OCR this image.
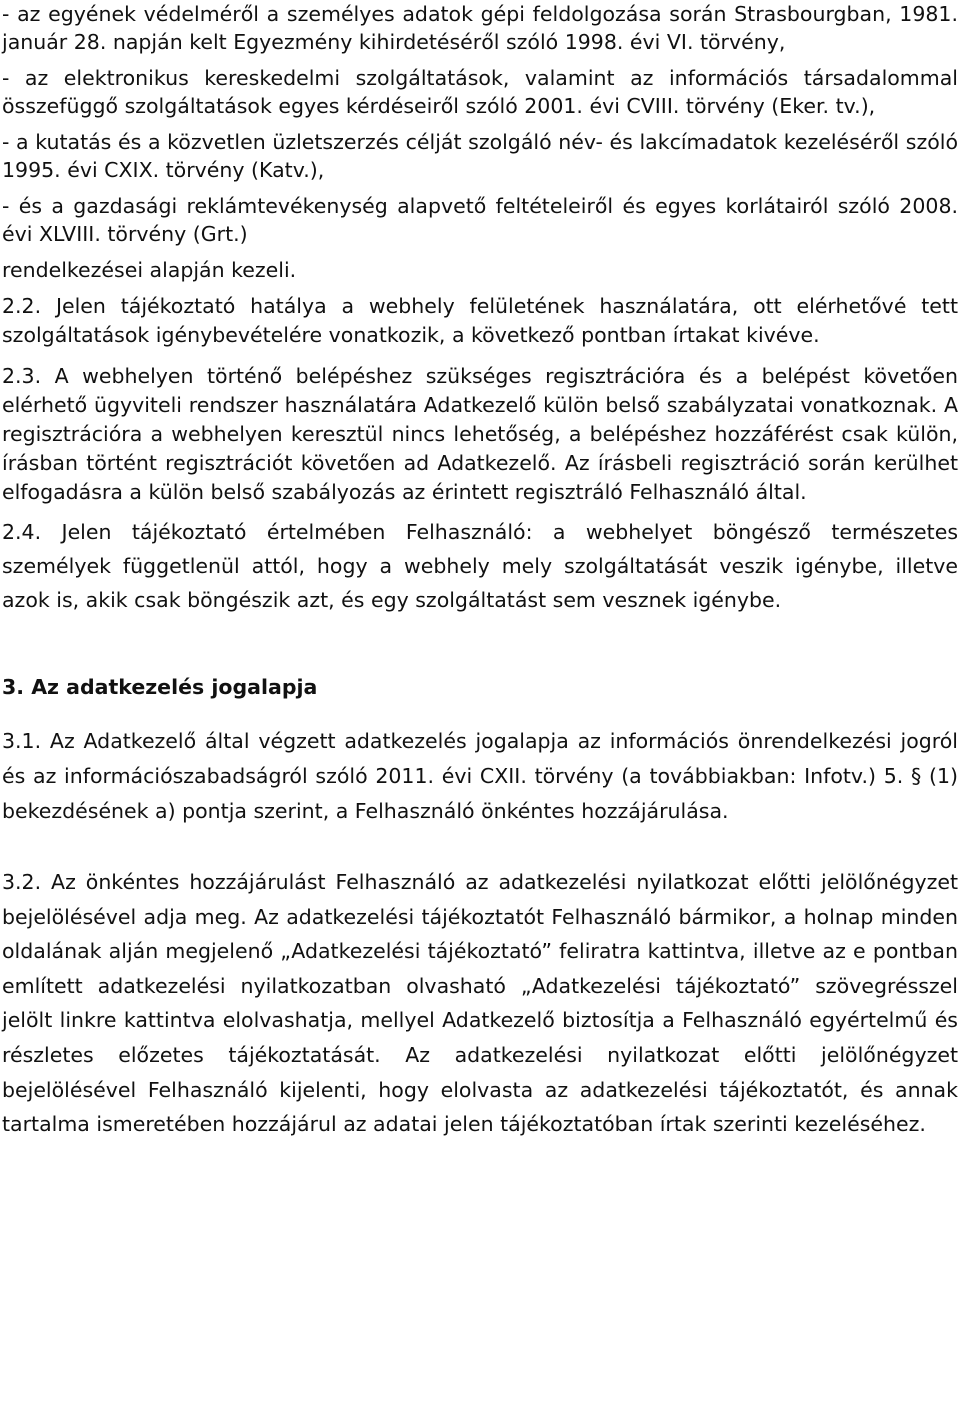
- az egyének védelméről a személyes adatok gépi feldolgozása során Strasbourgban, 1981. január 28. napján kelt Egyezmény kihirdetéséről szóló 1998. évi VI. törvény,

- az elektronikus kereskedelmi szolgáltatások, valamint az információs társadalommal összefüggő szolgáltatások egyes kérdéseiről szóló 2001. évi CVIII. törvény (Eker. tv.),

- a kutatás és a közvetlen üzletszerzés célját szolgáló név- és lakcímadatok kezeléséről szóló 1995. évi CXIX. törvény (Katv.),

- és a gazdasági reklámtevékenység alapvető feltételeiről és egyes korlátairól szóló 2008. évi XLVIII. törvény (Grt.)

rendelkezései alapján kezeli.

2.2. Jelen tájékoztató hatálya a webhely felületének használatára, ott elérhetővé tett szolgáltatások igénybevételére vonatkozik, a következő pontban írtakat kivéve.

2.3. A webhelyen történő belépéshez szükséges regisztrációra és a belépést követően elérhető ügyviteli rendszer használatára Adatkezelő külön belső szabályzatai vonatkoznak. A regisztrációra a webhelyen keresztül nincs lehetőség, a belépéshez hozzáférést csak külön, írásban történt regisztrációt követően ad Adatkezelő. Az írásbeli regisztráció során kerülhet elfogadásra a külön belső szabályozás az érintett regisztráló Felhasználó által.

2.4. Jelen tájékoztató értelmében Felhasználó: a webhelyet böngésző természetes személyek függetlenül attól, hogy a webhely mely szolgáltatását veszik igénybe, illetve azok is, akik csak böngészik azt, és egy szolgáltatást sem vesznek igénybe.

3. Az adatkezelés jogalapja

3.1. Az Adatkezelő által végzett adatkezelés jogalapja az információs önrendelkezési jogról és az információszabadságról szóló 2011. évi CXII. törvény (a továbbiakban: Infotv.) 5. § (1) bekezdésének a) pontja szerint, a Felhasználó önkéntes hozzájárulása.

3.2. Az önkéntes hozzájárulást Felhasználó az adatkezelési nyilatkozat előtti jelölőnégyzet bejelölésével adja meg. Az adatkezelési tájékoztatót Felhasználó bármikor, a holnap minden oldalának alján megjelenő „Adatkezelési tájékoztató” feliratra kattintva, illetve az e pontban említett adatkezelési nyilatkozatban olvasható „Adatkezelési tájékoztató” szövegrésszel jelölt linkre kattintva elolvashatja, mellyel Adatkezelő biztosítja a Felhasználó egyértelmű és részletes előzetes tájékoztatását. Az adatkezelési nyilatkozat előtti jelölőnégyzet bejelölésével Felhasználó kijelenti, hogy elolvasta az adatkezelési tájékoztatót, és annak tartalma ismeretében hozzájárul az adatai jelen tájékoztatóban írtak szerinti kezeléséhez.
